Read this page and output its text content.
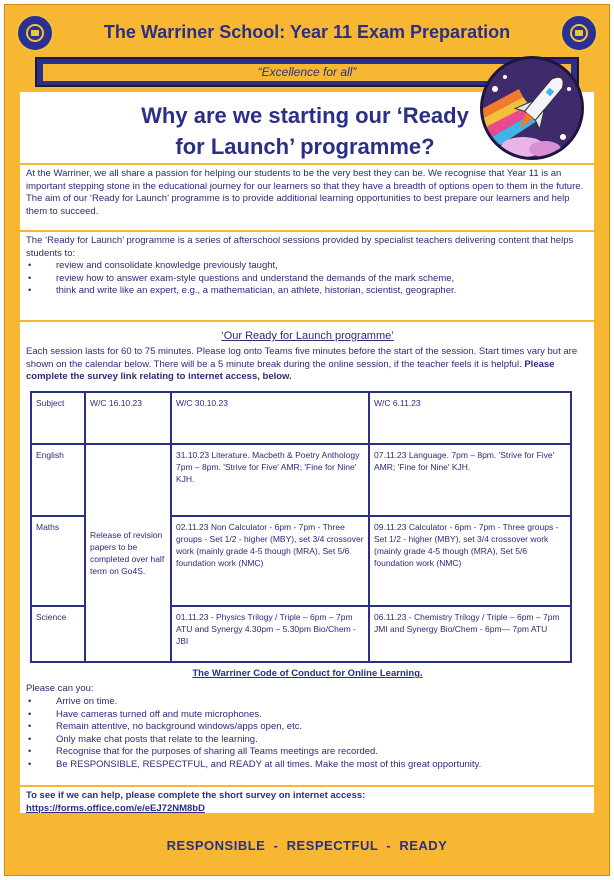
The Warriner School: Year 11 Exam Preparation
“Excellence for all”
Why are we starting our ‘Ready
for Launch’ programme?
At the Warriner, we all share a passion for helping our students to be the very best they can be. We recognise that Year 11 is an important stepping stone in the educational journey for our learners so that they have a breadth of options open to them in the future. The aim of our ‘Ready for Launch’ programme is to provide additional learning opportunities to best prepare our learners and help them to succeed.
The ‘Ready for Launch’ programme is a series of afterschool sessions provided by specialist teachers delivering content that helps students to:
• review and consolidate knowledge previously taught,
• review how to answer exam-style questions and understand the demands of the mark scheme,
• think and write like an expert, e.g., a mathematician, an athlete, historian, scientist, geographer.
‘Our Ready for Launch programme’
Each session lasts for 60 to 75 minutes. Please log onto Teams five minutes before the start of the session. Start times vary but are shown on the calendar below. There will be a 5 minute break during the online session, if the teacher feels it is helpful. Please complete the survey link relating to internet access, below.
Subject	W/C 16.10.23	W/C 30.10.23	W/C 6.11.23
English	Release of revision papers to be completed over half term on Go4S.	31.10.23 Literature. Macbeth & Poetry Anthology 7pm – 8pm. 'Strive for Five' AMR; 'Fine for Nine' KJH.	07.11.23 Language. 7pm – 8pm. 'Strive for Five' AMR; 'Fine for Nine' KJH.
Maths		02.11.23 Non Calculator - 6pm - 7pm - Three groups - Set 1/2 - higher (MBY), set 3/4 crossover work (mainly grade 4-5 though (MRA), Set 5/6 foundation work (NMC)	09.11.23 Calculator - 6pm - 7pm - Three groups - Set 1/2 - higher (MBY), set 3/4 crossover work (mainly grade 4-5 though (MRA), Set 5/6 foundation work (NMC)
Science		01.11.23 - Physics Trilogy / Triple – 6pm – 7pm ATU and Synergy 4.30pm – 5.30pm Bio/Chem - JBI	06.11.23 - Chemistry Trilogy / Triple – 6pm – 7pm JMI and Synergy Bio/Chem - 6pm— 7pm ATU
The Warriner Code of Conduct for Online Learning.
Please can you:
• Arrive on time.
• Have cameras turned off and mute microphones.
• Remain attentive, no background windows/apps open, etc.
• Only make chat posts that relate to the learning.
• Recognise that for the purposes of sharing all Teams meetings are recorded.
• Be RESPONSIBLE, RESPECTFUL, and READY at all times. Make the most of this great opportunity.
To see if we can help, please complete the short survey on internet access:
https://forms.office.com/e/eEJ72NM8bD
RESPONSIBLE  -  RESPECTFUL  -  READY
